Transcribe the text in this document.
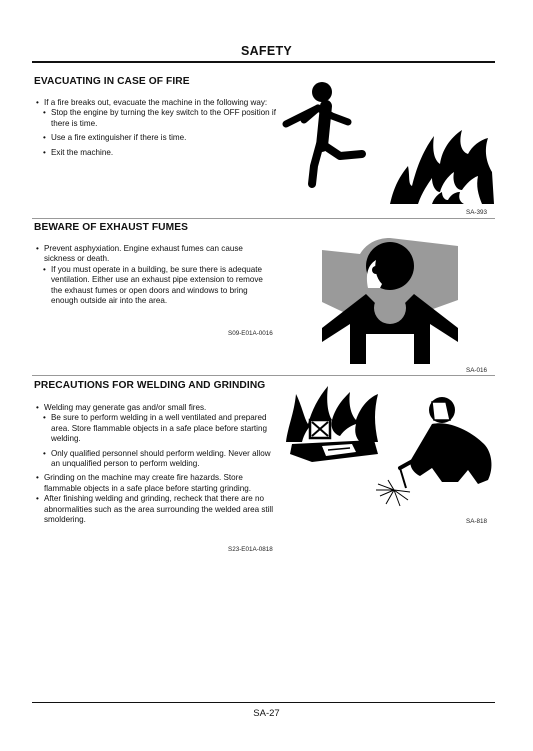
SAFETY
EVACUATING IN CASE OF FIRE
• If a fire breaks out, evacuate the machine in the following way:
• Stop the engine by turning the key switch to the OFF position if there is time.
• Use a fire extinguisher if there is time.
• Exit the machine.
SA-393
BEWARE OF EXHAUST FUMES
• Prevent asphyxiation. Engine exhaust fumes can cause sickness or death.
• If you must operate in a building, be sure there is adequate ventilation. Either use an exhaust pipe extension to remove the exhaust fumes or open doors and windows to bring enough outside air into the area.
S09-E01A-0016
SA-016
PRECAUTIONS FOR WELDING AND GRINDING
• Welding may generate gas and/or small fires.
• Be sure to perform welding in a well ventilated and prepared area. Store flammable objects in a safe place before starting welding.
• Only qualified personnel should perform welding. Never allow an unqualified person to perform welding.
• Grinding on the machine may create fire hazards. Store flammable objects in a safe place before starting grinding.
• After finishing welding and grinding, recheck that there are no abnormalities such as the area surrounding the welded area still smoldering.
S23-E01A-0818
SA-818
SA-27
